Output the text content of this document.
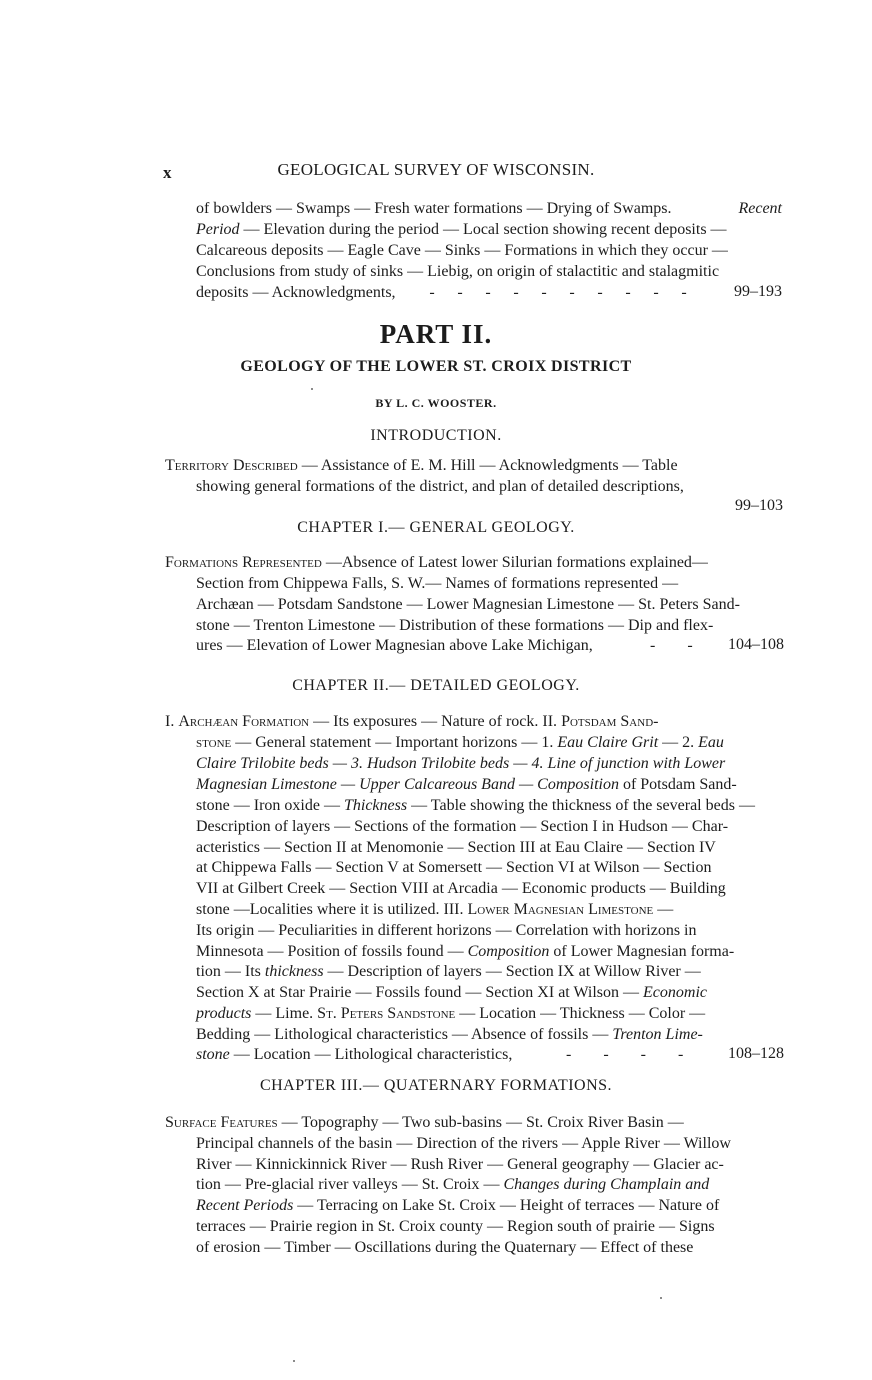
x	GEOLOGICAL SURVEY OF WISCONSIN.
of bowlders — Swamps — Fresh water formations — Drying of Swamps.	Recent
Period — Elevation during the period — Local section showing recent deposits —
Calcareous deposits — Eagle Cave — Sinks — Formations in which they occur —
Conclusions from study of sinks — Liebig, on origin of stalactitic and stalagmitic
deposits — Acknowledgments,	- - - - - - - - - -	99–193
PART II.
GEOLOGY OF THE LOWER ST. CROIX DISTRICT
BY L. C. WOOSTER.
INTRODUCTION.
Territory Described — Assistance of E. M. Hill — Acknowledgments — Table
showing general formations of the district, and plan of detailed descriptions,
99–103
CHAPTER I.— GENERAL GEOLOGY.
Formations Represented —Absence of Latest lower Silurian formations explained—
Section from Chippewa Falls, S. W.— Names of formations represented —
Archæan — Potsdam Sandstone — Lower Magnesian Limestone — St. Peters Sand-
stone — Trenton Limestone — Distribution of these formations — Dip and flex-
ures — Elevation of Lower Magnesian above Lake Michigan,	-        - 104–108
CHAPTER II.— DETAILED GEOLOGY.
I. Archæan Formation — Its exposures — Nature of rock. II. Potsdam Sand-
stone — General statement — Important horizons — 1. Eau Claire Grit — 2. Eau
Claire Trilobite beds — 3. Hudson Trilobite beds — 4. Line of junction with Lower
Magnesian Limestone — Upper Calcareous Band — Composition of Potsdam Sand-
stone — Iron oxide — Thickness — Table showing the thickness of the several beds —
Description of layers — Sections of the formation — Section I in Hudson — Char-
acteristics — Section II at Menomonie — Section III at Eau Claire — Section IV
at Chippewa Falls — Section V at Somersett — Section VI at Wilson — Section
VII at Gilbert Creek — Section VIII at Arcadia — Economic products — Building
stone —Localities where it is utilized. III. Lower Magnesian Limestone —
Its origin — Peculiarities in different horizons — Correlation with horizons in
Minnesota — Position of fossils found — Composition of Lower Magnesian forma-
tion — Its thickness — Description of layers — Section IX at Willow River —
Section X at Star Prairie — Fossils found — Section XI at Wilson — Economic
products — Lime. St. Peters Sandstone — Location — Thickness — Color —
Bedding — Lithological characteristics — Absence of fossils — Trenton Lime-
stone — Location — Lithological characteristics,	-        -        -        -	108–128
CHAPTER III.— QUATERNARY FORMATIONS.
Surface Features — Topography — Two sub-basins — St. Croix River Basin —
Principal channels of the basin — Direction of the rivers — Apple River — Willow
River — Kinnickinnick River — Rush River — General geography — Glacier ac-
tion — Pre-glacial river valleys — St. Croix — Changes during Champlain and
Recent Periods — Terracing on Lake St. Croix — Height of terraces — Nature of
terraces — Prairie region in St. Croix county — Region south of prairie — Signs
of erosion — Timber — Oscillations during the Quaternary — Effect of these
